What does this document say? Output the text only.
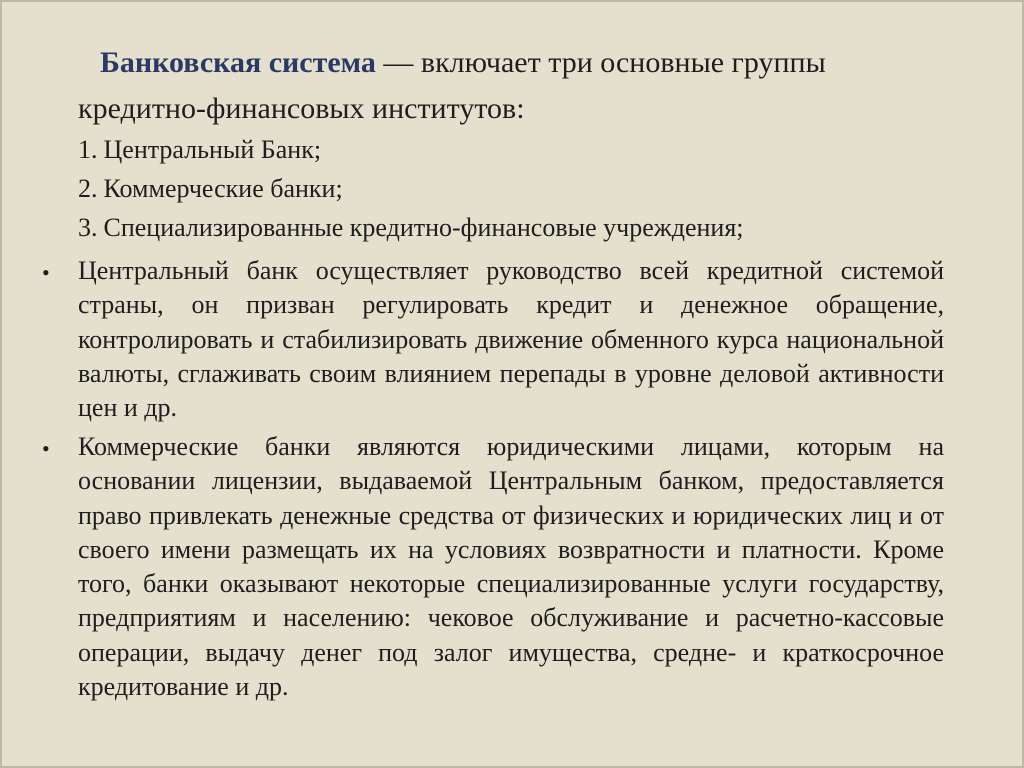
Банковская система — включает три основные группы кредитно-финансовых институтов:
1. Центральный Банк;
2. Коммерческие банки;
3. Специализированные кредитно-финансовые учреждения;
• Центральный банк осуществляет руководство всей кредитной системой страны, он призван регулировать кредит и денежное обращение, контролировать и стабилизировать движение обменного курса национальной валюты, сглаживать своим влиянием перепады в уровне деловой активности цен и др.
• Коммерческие банки являются юридическими лицами, которым на основании лицензии, выдаваемой Центральным банком, предоставляется право привлекать денежные средства от физических и юридических лиц и от своего имени размещать их на условиях возвратности и платности. Кроме того, банки оказывают некоторые специализированные услуги государству, предприятиям и населению: чековое обслуживание и расчетно-кассовые операции, выдачу денег под залог имущества, средне- и краткосрочное кредитование и др.
